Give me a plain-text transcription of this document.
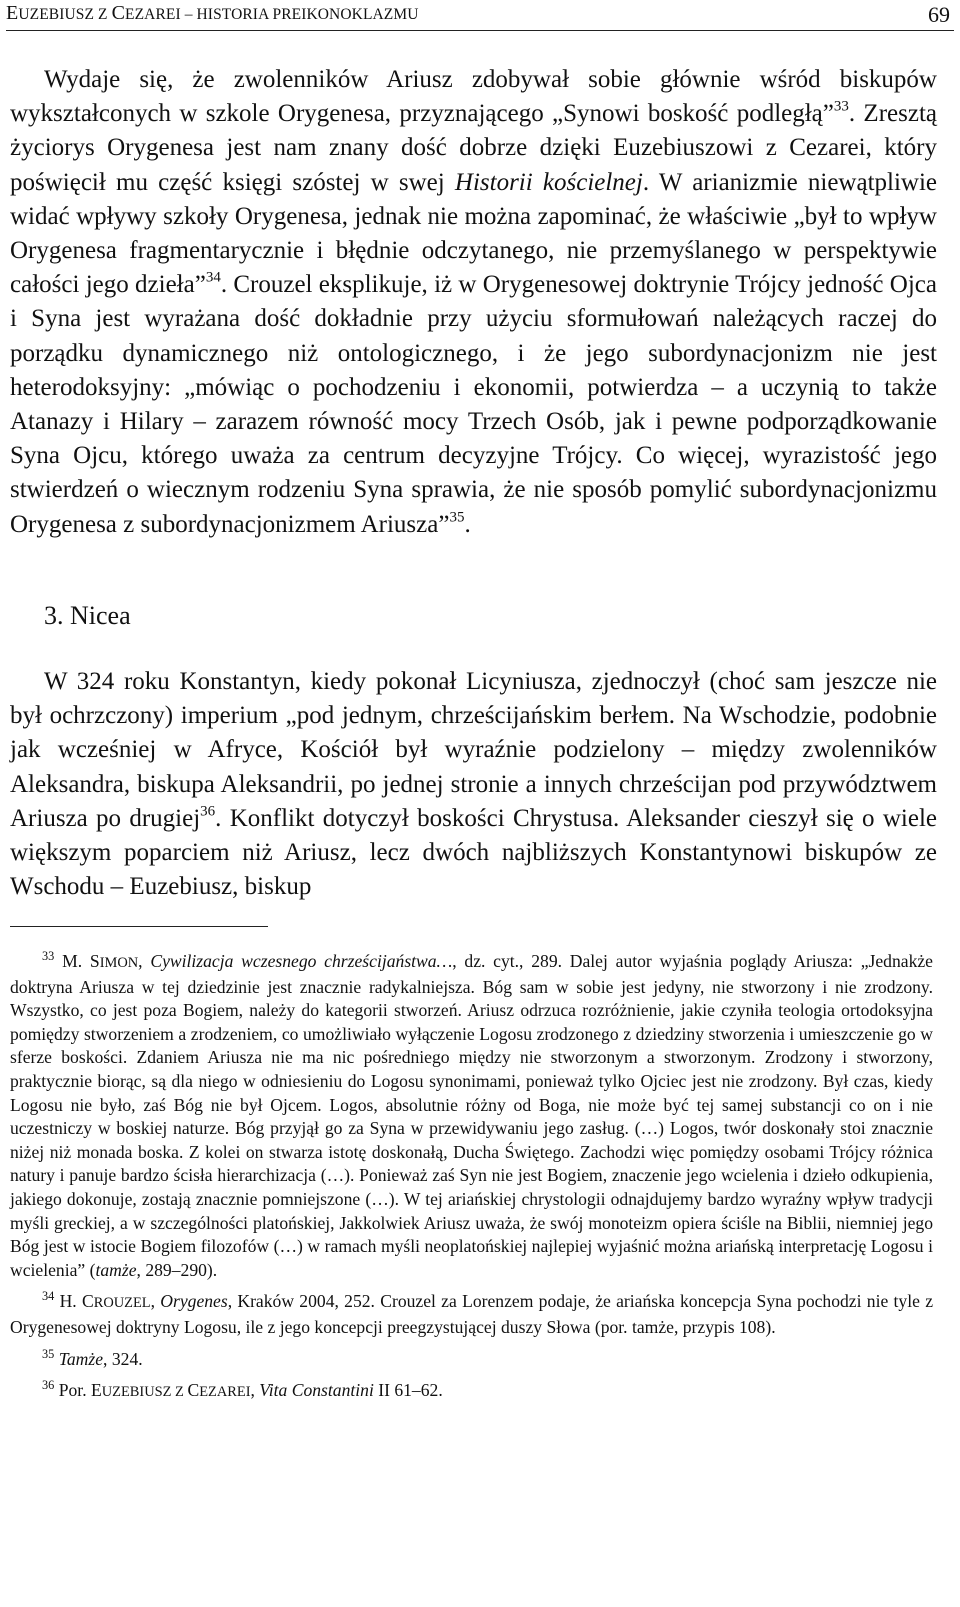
EUZEBIUSZ Z CEZAREI – HISTORIA PREIKONOKLAZMU	69

Wydaje się, że zwolenników Ariusz zdobywał sobie głównie wśród biskupów wykształconych w szkole Orygenesa, przyznającego „Synowi boskość podległą”$^{33}$. Zresztą życiorys Orygenesa jest nam znany dość dobrze dzięki Euzebiuszowi z Cezarei, który poświęcił mu część księgi szóstej w swej Historii kościelnej. W arianizmie niewątpliwie widać wpływy szkoły Orygenesa, jednak nie można zapominać, że właściwie „był to wpływ Orygenesa fragmentarycznie i błędnie odczytanego, nie przemyślanego w perspektywie całości jego dzieła”$^{34}$. Crouzel eksplikuje, iż w Orygenesowej doktrynie Trójcy jedność Ojca i Syna jest wyrażana dość dokładnie przy użyciu sformułowań należących raczej do porządku dynamicznego niż ontologicznego, i że jego subordynacjonizm nie jest heterodoksyjny: „mówiąc o pochodzeniu i ekonomii, potwierdza – a uczynią to także Atanazy i Hilary – zarazem równość mocy Trzech Osób, jak i pewne podporządkowanie Syna Ojcu, którego uważa za centrum decyzyjne Trójcy. Co więcej, wyrazistość jego stwierdzeń o wiecznym rodzeniu Syna sprawia, że nie sposób pomylić subordynacjonizmu Orygenesa z subordynacjonizmem Ariusza”$^{35}$.

3. Nicea

W 324 roku Konstantyn, kiedy pokonał Licyniusza, zjednoczył (choć sam jeszcze nie był ochrzczony) imperium „pod jednym, chrześcijańskim berłem. Na Wschodzie, podobnie jak wcześniej w Afryce, Kościół był wyraźnie podzielony – między zwolenników Aleksandra, biskupa Aleksandrii, po jednej stronie a innych chrześcijan pod przywództwem Ariusza po drugiej$^{36}$. Konflikt dotyczył boskości Chrystusa. Aleksander cieszył się o wiele większym poparciem niż Ariusz, lecz dwóch najbliższych Konstantynowi biskupów ze Wschodu – Euzebiusz, biskup

$^{33}$ M. SIMON, Cywilizacja wczesnego chrześcijaństwa…, dz. cyt., 289. Dalej autor wyjaśnia poglądy Ariusza: „Jednakże doktryna Ariusza w tej dziedzinie jest znacznie radykalniejsza. Bóg sam w sobie jest jedyny, nie stworzony i nie zrodzony. Wszystko, co jest poza Bogiem, należy do kategorii stworzeń. Ariusz odrzuca rozróżnienie, jakie czyniła teologia ortodoksyjna pomiędzy stworzeniem a zrodzeniem, co umożliwiało wyłączenie Logosu zrodzonego z dziedziny stworzenia i umieszczenie go w sferze boskości. Zdaniem Ariusza nie ma nic pośredniego między nie stworzonym a stworzonym. Zrodzony i stworzony, praktycznie biorąc, są dla niego w odniesieniu do Logosu synonimami, ponieważ tylko Ojciec jest nie zrodzony. Był czas, kiedy Logosu nie było, zaś Bóg nie był Ojcem. Logos, absolutnie różny od Boga, nie może być tej samej substancji co on i nie uczestniczy w boskiej naturze. Bóg przyjął go za Syna w przewidywaniu jego zasług. (…) Logos, twór doskonały stoi znacznie niżej niż monada boska. Z kolei on stwarza istotę doskonałą, Ducha Świętego. Zachodzi więc pomiędzy osobami Trójcy różnica natury i panuje bardzo ścisła hierarchizacja (…). Ponieważ zaś Syn nie jest Bogiem, znaczenie jego wcielenia i dzieło odkupienia, jakiego dokonuje, zostają znacznie pomniejszone (…). W tej ariańskiej chrystologii odnajdujemy bardzo wyraźny wpływ tradycji myśli greckiej, a w szczególności platońskiej, Jakkolwiek Ariusz uważa, że swój monoteizm opiera ściśle na Biblii, niemniej jego Bóg jest w istocie Bogiem filozofów (…) w ramach myśli neoplatońskiej najlepiej wyjaśnić można ariańską interpretację Logosu i wcielenia” (tamże, 289–290).

$^{34}$ H. CROUZEL, Orygenes, Kraków 2004, 252. Crouzel za Lorenzem podaje, że ariańska koncepcja Syna pochodzi nie tyle z Orygenesowej doktryny Logosu, ile z jego koncepcji preegzystującej duszy Słowa (por. tamże, przypis 108).

$^{35}$ Tamże, 324.

$^{36}$ Por. EUZEBIUSZ Z CEZAREI, Vita Constantini II 61–62.
